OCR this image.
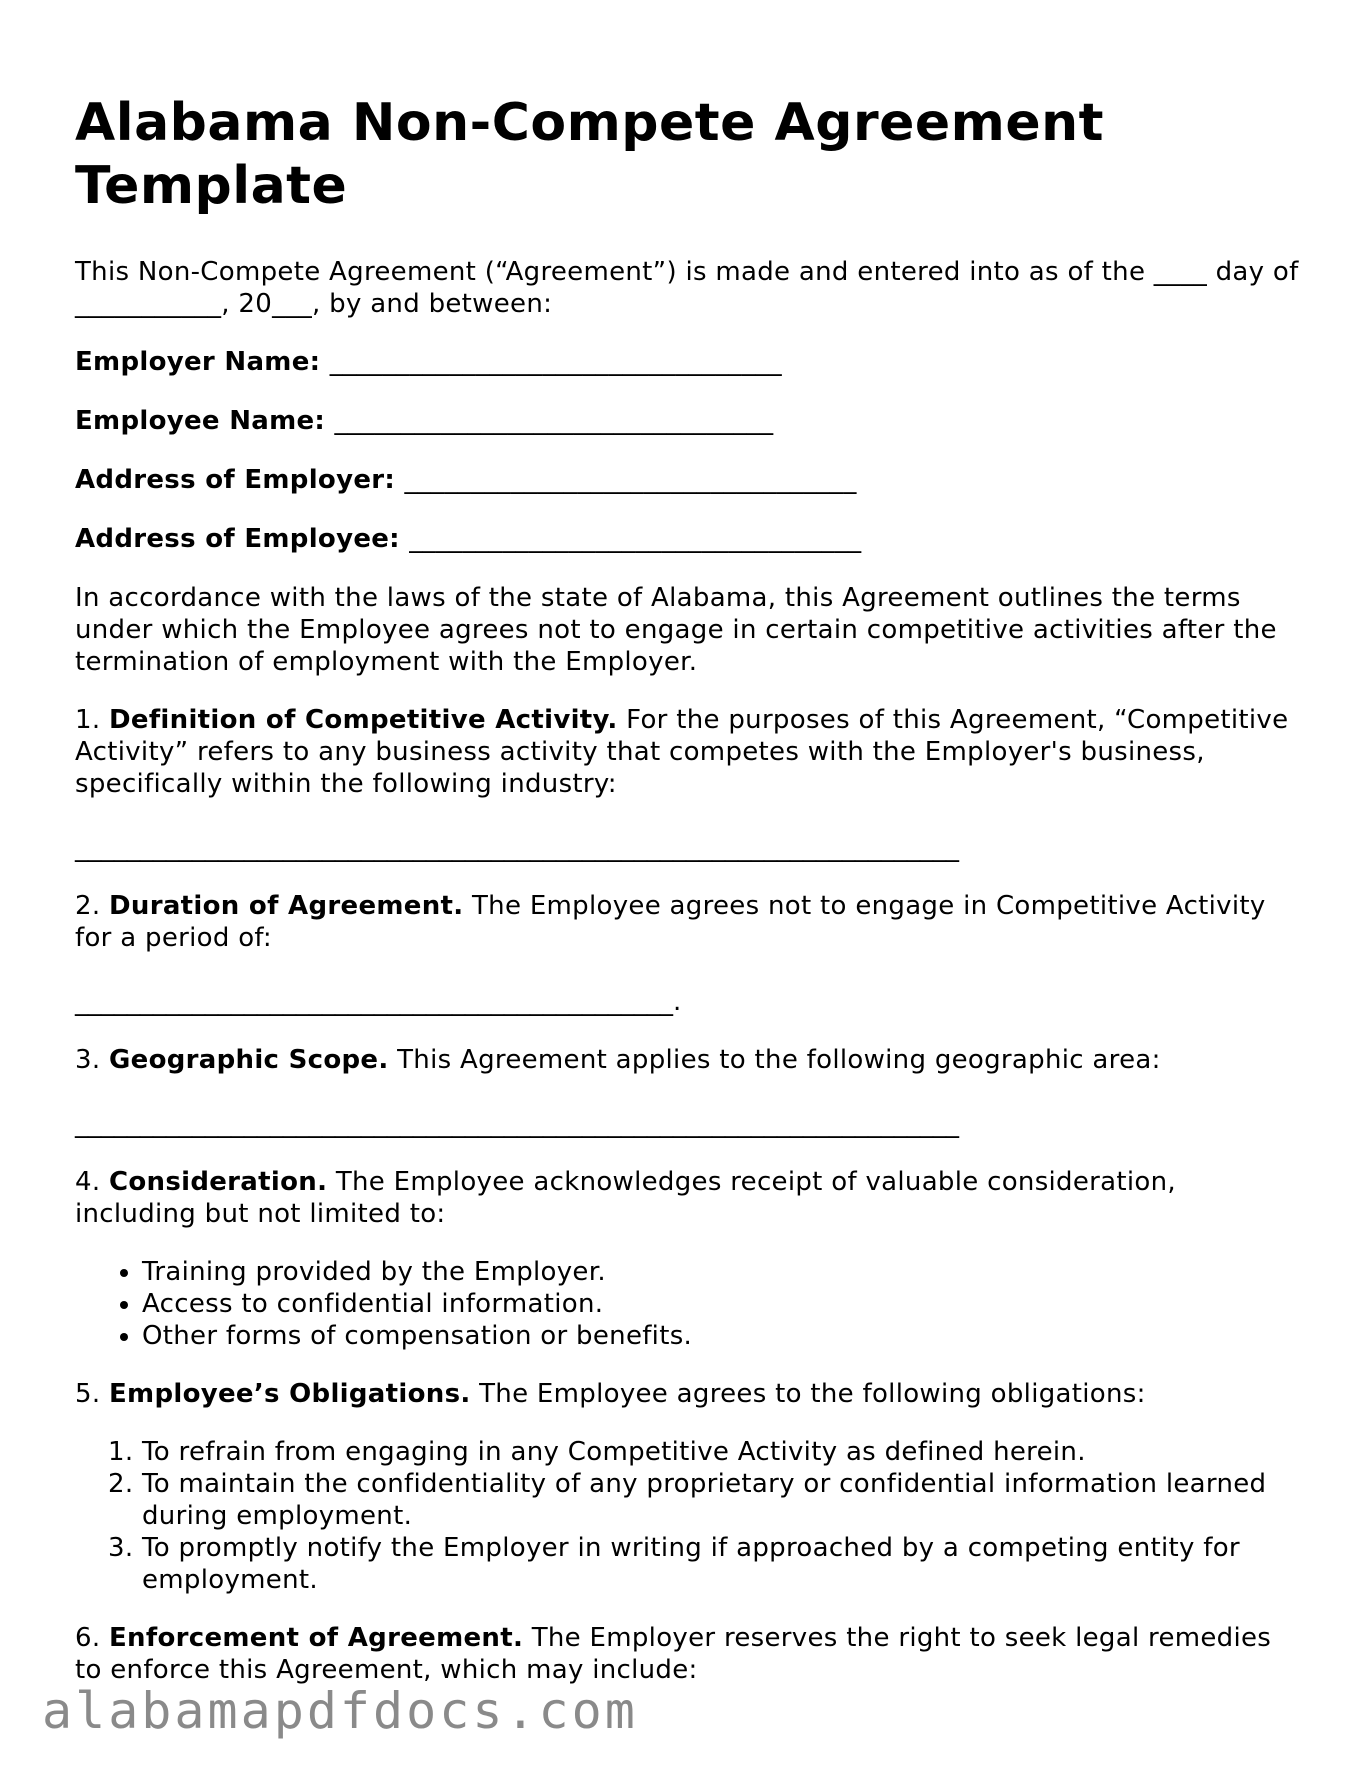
Alabama Non-Compete Agreement Template

This Non-Compete Agreement (“Agreement”) is made and entered into as of the ____ day of ___________, 20___, by and between:

Employer Name: __________________________________

Employee Name: _________________________________

Address of Employer: __________________________________

Address of Employee: __________________________________

In accordance with the laws of the state of Alabama, this Agreement outlines the terms under which the Employee agrees not to engage in certain competitive activities after the termination of employment with the Employer.

1. Definition of Competitive Activity. For the purposes of this Agreement, “Competitive Activity” refers to any business activity that competes with the Employer's business, specifically within the following industry:

____________________________________________________________________

2. Duration of Agreement. The Employee agrees not to engage in Competitive Activity for a period of:

______________________________________________.

3. Geographic Scope. This Agreement applies to the following geographic area:

____________________________________________________________________

4. Consideration. The Employee acknowledges receipt of valuable consideration, including but not limited to:

• Training provided by the Employer.
• Access to confidential information.
• Other forms of compensation or benefits.

5. Employee’s Obligations. The Employee agrees to the following obligations:

1. To refrain from engaging in any Competitive Activity as defined herein.
2. To maintain the confidentiality of any proprietary or confidential information learned during employment.
3. To promptly notify the Employer in writing if approached by a competing entity for employment.

6. Enforcement of Agreement. The Employer reserves the right to seek legal remedies to enforce this Agreement, which may include:

alabamapdfdocs.com
